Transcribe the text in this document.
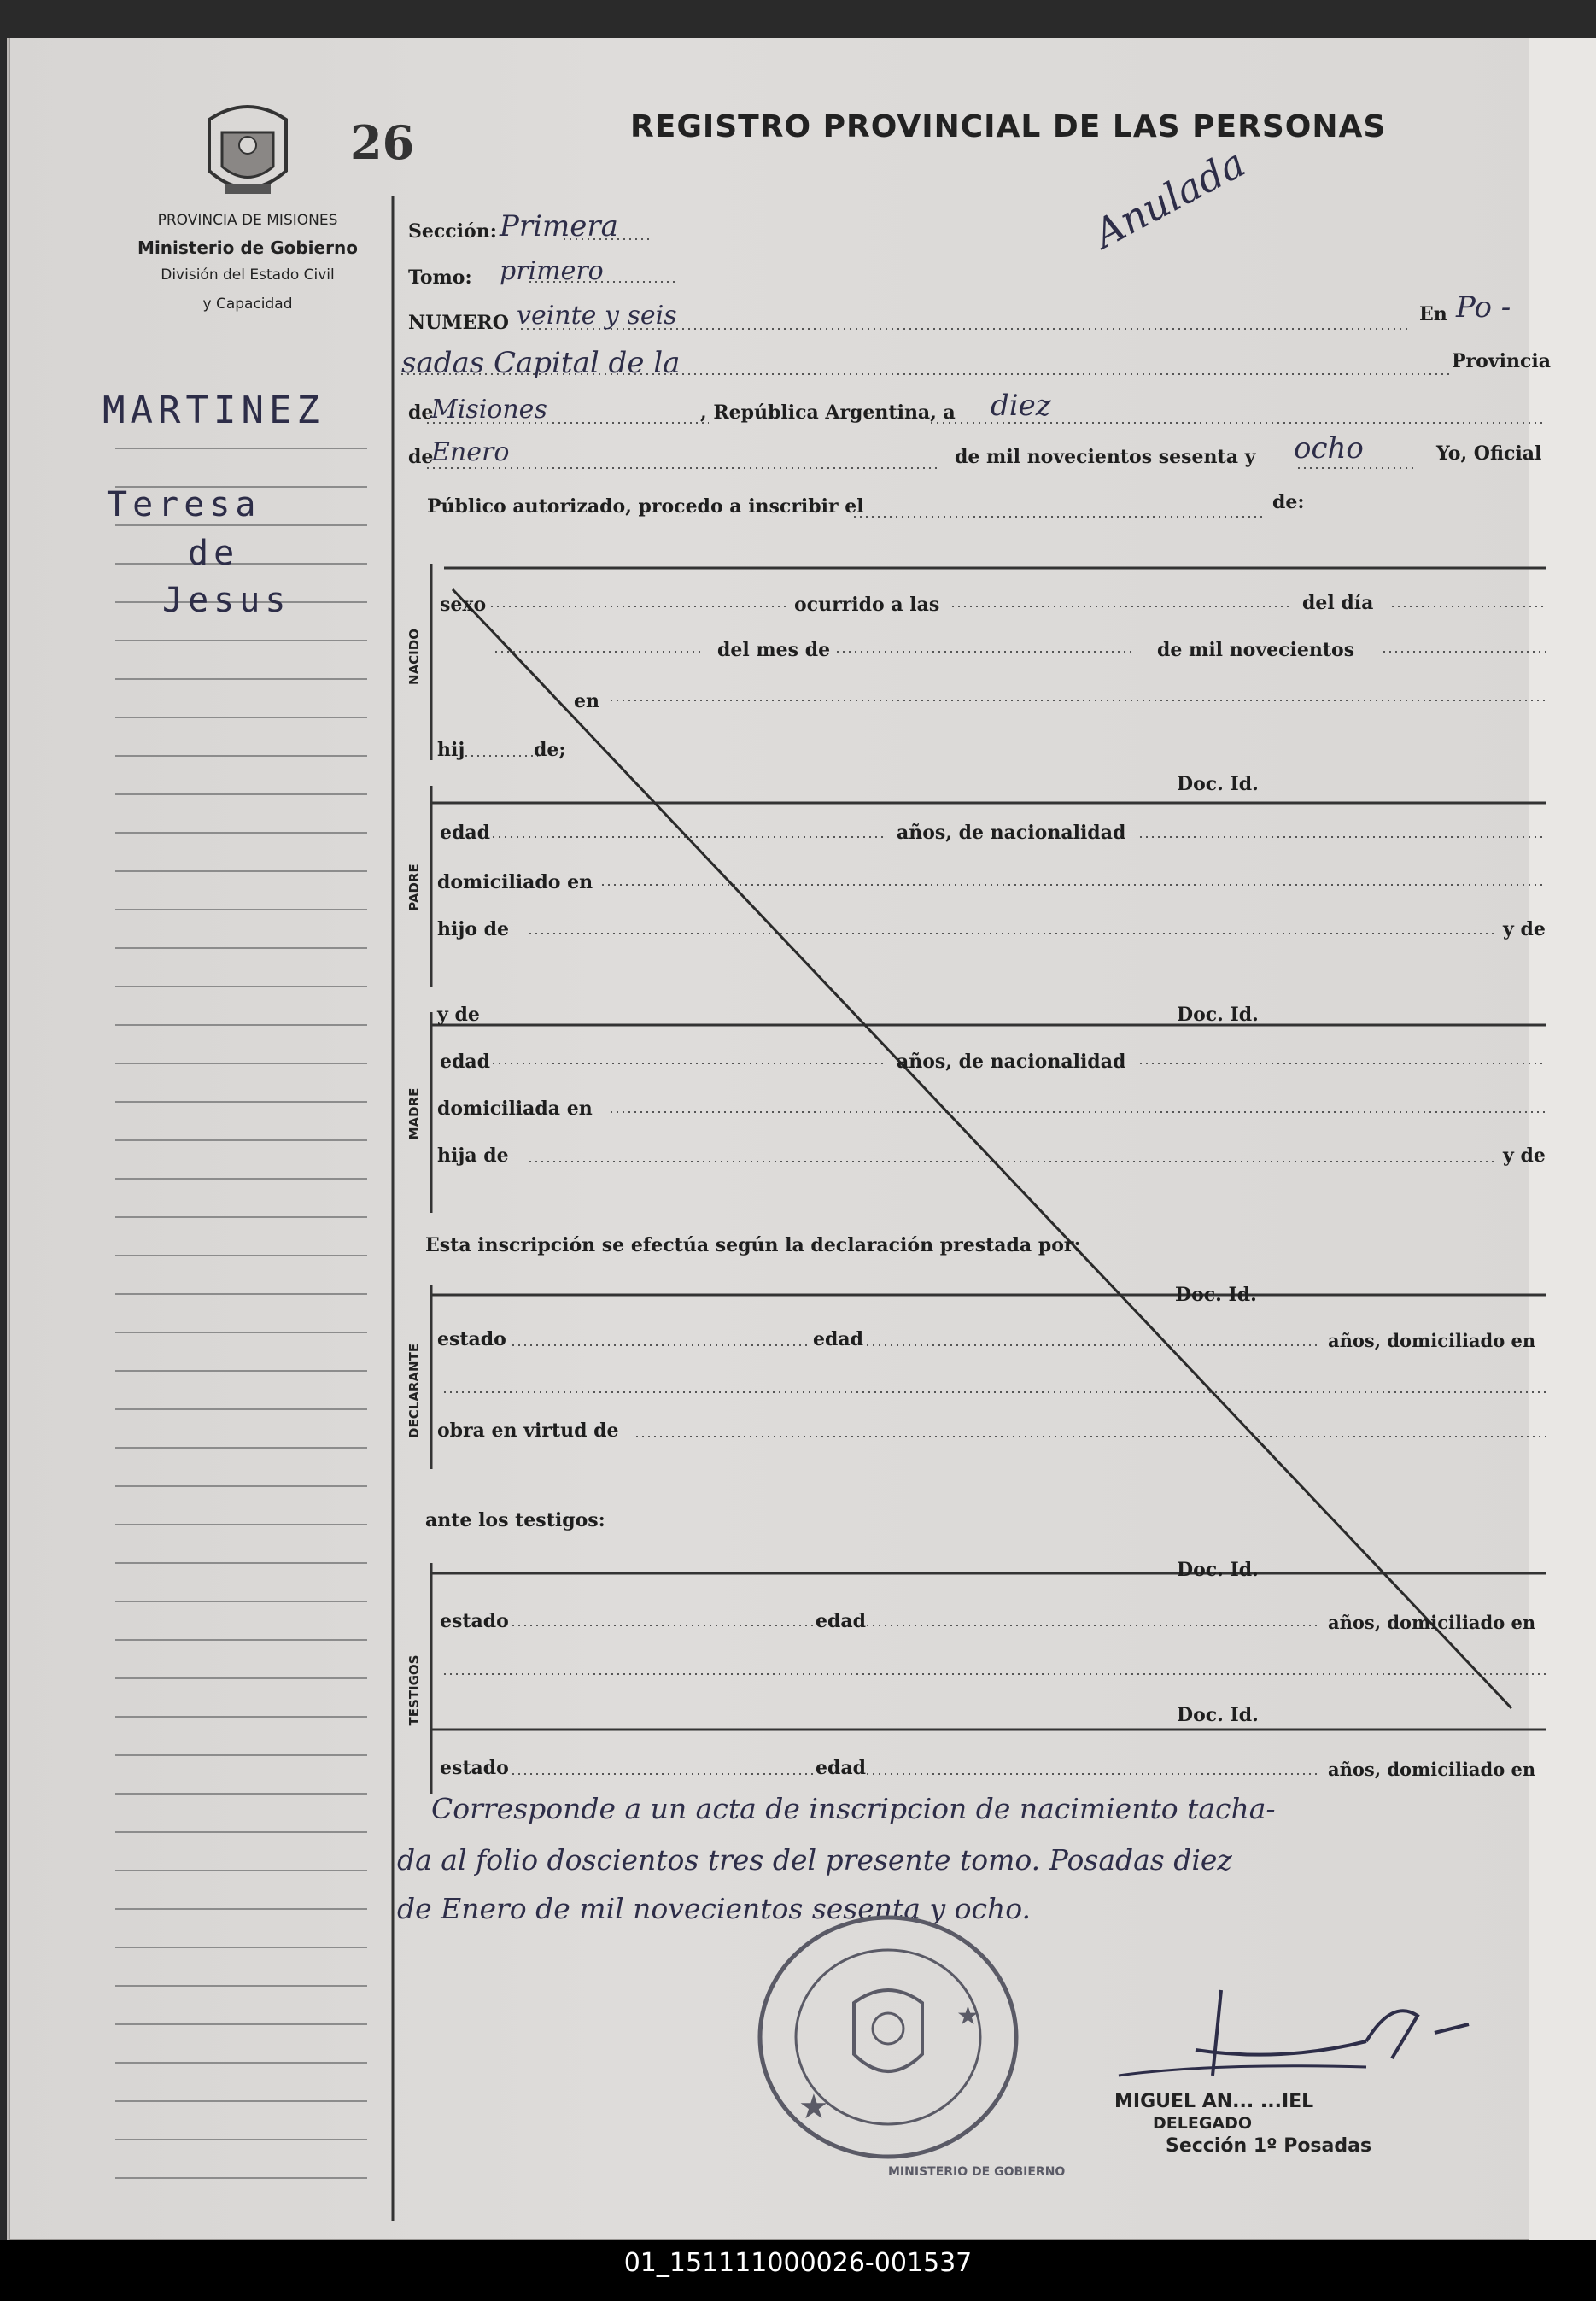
26	REGISTRO PROVINCIAL DE LAS PERSONAS
PROVINCIA DE MISIONES
Ministerio de Gobierno
División del Estado Civil
y Capacidad
MARTINEZ
Teresa
de
Jesus
Sección: Primera
Tomo: primero
NUMERO veinte y seis	En Po -
sadas Capital de la	Provincia
de
Misiones	, República Argentina, a diez
de
Enero	de mil novecientos sesenta y ocho	Yo, Oficial
Público autorizado, procedo a inscribir el	de:
NACIDO
sexo	ocurrido a las	del día
del mes de	de mil novecientos
en
hij	de;
Doc. Id.
PADRE
edad	años, de nacionalidad
domiciliado en
hijo de	y de
y de	Doc. Id.
MADRE
edad	años, de nacionalidad
domiciliada en
hija de	y de
Esta inscripción se efectúa según la declaración prestada por:
Doc. Id.
DECLARANTE
estado	edad	años, domiciliado en
obra en virtud de
ante los testigos:
Doc. Id.
TESTIGOS
estado	edad	años, domiciliado en
Doc. Id.
estado	edad	años, domiciliado en
Anulada
Corresponde a un acta de inscripcion de nacimiento tacha-
da al folio doscientos tres del presente tomo. Posadas diez
de Enero de mil novecientos sesenta y ocho.
★
★
MINISTERIO DE GOBIERNO
MIGUEL AN... ...IEL
DELEGADO
Sección 1º Posadas
01_151111000026-001537
